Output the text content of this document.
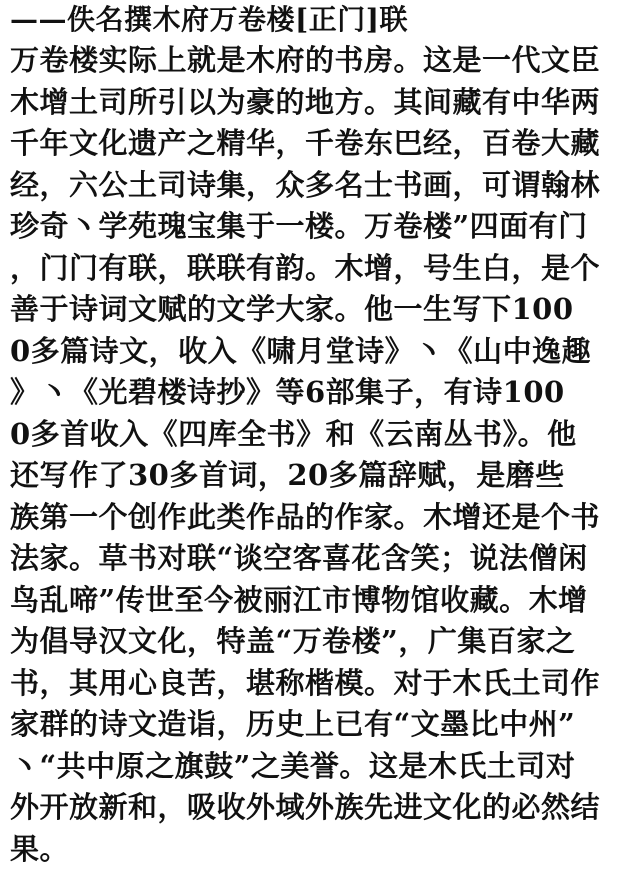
——佚名撰木府万卷楼[正门]联
万卷楼实际上就是木府的书房。这是一代文臣
木增土司所引以为豪的地方。其间藏有中华两
千年文化遗产之精华，千卷东巴经，百卷大藏
经，六公土司诗集，众多名士书画，可谓翰林
珍奇丶学苑瑰宝集于一楼。万卷楼”四面有门
，门门有联，联联有韵。木增，号生白，是个
善于诗词文赋的文学大家。他一生写下100
0多篇诗文，收入《啸月堂诗》丶《山中逸趣
》丶《光碧楼诗抄》等6部集子，有诗100
0多首收入《四库全书》和《云南丛书》。他
还写作了30多首词，20多篇辞赋，是磨些
族第一个创作此类作品的作家。木增还是个书
法家。草书对联“谈空客喜花含笑；说法僧闲
鸟乱啼”传世至今被丽江市博物馆收藏。木增
为倡导汉文化，特盖“万卷楼”，广集百家之
书，其用心良苦，堪称楷模。对于木氏土司作
家群的诗文造诣，历史上已有“文墨比中州”
丶“共中原之旗鼓”之美誉。这是木氏土司对
外开放新和，吸收外域外族先进文化的必然结
果。
